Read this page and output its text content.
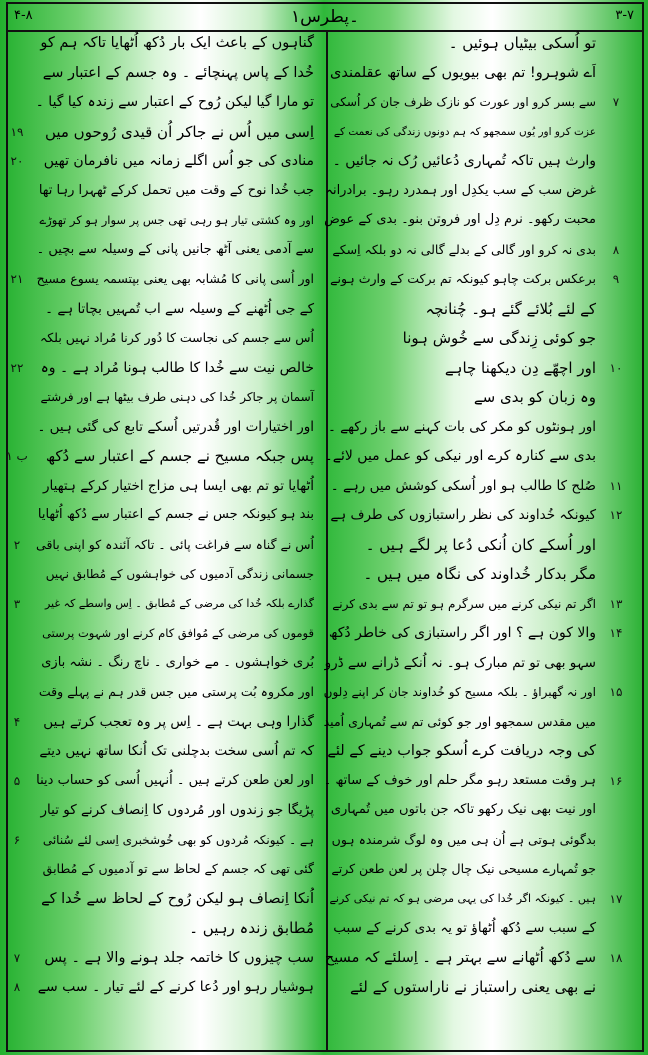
۴-۸	۱۔پطرس	۳-۷
۷
۸
۹
۱۰
۱۱
۱۲
۱۳
۱۴
۱۵
۱۶
۱۷
۱۸
تو اُسکی بیٹیاں ہوئیں ۔
اَے شوہرو! تم بھی بیویوں کے ساتھ عقلمندی
سے بسر کرو اور عورت کو نازک ظرف جان کر اُسکی
عزت کرو اور یُوں سمجھو کہ ہم دونوں زندگی کی نعمت کے
وارث ہیں تاکہ تُمہاری دُعائیں رُک نہ جائیں ۔
غرض سب کے سب یکدِل اور ہمدرد رہو۔ برادرانہ
محبت رکھو۔ نرم دِل اور فروتن بنو۔ بدی کے عوض
بدی نہ کرو اور گالی کے بدلے گالی نہ دو بلکہ اِسکے
برعکس برکت چاہو کیونکہ تم برکت کے وارث ہونے
کے لئے بُلائے گئے ہو۔ چُنانچہ
جو کوئی زِندگی سے خُوش ہونا
اور اچھّے دِن دیکھنا چاہے
وہ زبان کو بدی سے
اور ہونٹوں کو مکر کی بات کہنے سے باز رکھے ۔
بدی سے کنارہ کرے اور نیکی کو عمل میں لائے۔
صُلح کا طالب ہو اور اُسکی کوشش میں رہے ۔
کیونکہ خُداوند کی نظر راستبازوں کی طرف ہے
اور اُسکے کان اُنکی دُعا پر لگے ہیں ۔
مگر بدکار خُداوند کی نگاہ میں ہیں ۔
اگر تم نیکی کرنے میں سرگرم ہو تو تم سے بدی کرنے
والا کون ہے ؟ اور اگر راستبازی کی خاطر دُکھ
سہو بھی تو تم مبارک ہو۔ نہ اُنکے ڈرانے سے ڈرو
اور نہ گھبراؤ ۔ بلکہ مسیح کو خُداوند جان کر اپنے دِلوں
میں مقدس سمجھو اور جو کوئی تم سے تُمہاری اُمید
کی وجہ دریافت کرے اُسکو جواب دینے کے لئے
ہر وقت مستعد رہو مگر حلم اور خوف کے ساتھ ۔
اور نیت بھی نیک رکھو تاکہ جن باتوں میں تُمہاری
بدگوئی ہوتی ہے اُن ہی میں وہ لوگ شرمندہ ہوں
جو تُمہارے مسیحی نیک چال چلن پر لعن طعن کرتے
ہیں ۔ کیونکہ اگر خُدا کی یہی مرضی ہو کہ تم نیکی کرنے
کے سبب سے دُکھ اُٹھاؤ تو یہ بدی کرنے کے سبب
سے دُکھ اُٹھانے سے بہتر ہے ۔ اِسلئے کہ مسیح
نے بھی یعنی راستباز نے ناراستوں کے لئے
گناہوں کے باعث ایک بار دُکھ اُٹھایا تاکہ ہم کو
خُدا کے پاس پہنچائے ۔ وہ جسم کے اعتبار سے
تو مارا گیا لیکن رُوح کے اعتبار سے زندہ کیا گیا ۔
اِسی میں اُس نے جاکر اُن قیدی رُوحوں میں
منادی کی جو اُس اگلے زمانہ میں نافرمان تھیں
جب خُدا نوح کے وقت میں تحمل کرکے ٹھہرا رہا تھا
اور وہ کشتی تیار ہو رہی تھی جس پر سوار ہو کر تھوڑے
سے آدمی یعنی آٹھ جانیں پانی کے وسیلہ سے بچیں ۔
اور اُسی پانی کا مُشابہ بھی یعنی بپتسمہ یسوع مسیح
کے جی اُٹھنے کے وسیلہ سے اب تُمہیں بچاتا ہے ۔
اُس سے جسم کی نجاست کا دُور کرنا مُراد نہیں بلکہ
خالص نیت سے خُدا کا طالب ہونا مُراد ہے ۔ وہ
آسمان پر جاکر خُدا کی دہنی طرف بیٹھا ہے اور فرشتے
اور اختیارات اور قُدرتیں اُسکے تابع کی گئی ہیں ۔
پس جبکہ مسیح نے جسم کے اعتبار سے دُکھ
اُٹھایا تو تم بھی ایسا ہی مزاج اختیار کرکے ہتھیار
بند ہو کیونکہ جس نے جسم کے اعتبار سے دُکھ اُٹھایا
اُس نے گناہ سے فراغت پائی ۔ تاکہ آئندہ کو اپنی باقی
جسمانی زندگی آدمیوں کی خواہشوں کے مُطابق نہیں
گذارے بلکہ خُدا کی مرضی کے مُطابق ۔ اِس واسطے کہ غیر
قوموں کی مرضی کے مُوافق کام کرنے اور شہوت پرستی
بُری خواہشوں ۔ مے خواری ۔ ناچ رنگ ۔ نشہ بازی
اور مکروہ بُت پرستی میں جس قدر ہم نے پہلے وقت
گذارا وہی بہت ہے ۔ اِس پر وہ تعجب کرتے ہیں
کہ تم اُسی سخت بدچلنی تک اُنکا ساتھ نہیں دیتے
اور لعن طعن کرتے ہیں ۔ اُنہیں اُسی کو حساب دینا
پڑیگا جو زندوں اور مُردوں کا اِنصاف کرنے کو تیار
ہے ۔ کیونکہ مُردوں کو بھی خُوشخبری اِسی لئے سُنائی
گئی تھی کہ جسم کے لحاظ سے تو آدمیوں کے مُطابق
اُنکا اِنصاف ہو لیکن رُوح کے لحاظ سے خُدا کے
مُطابق زندہ رہیں ۔
سب چیزوں کا خاتمہ جلد ہونے والا ہے ۔ پس
ہوشیار رہو اور دُعا کرنے کے لئے تیار ۔ سب سے
۱۹
۲۰
۲۱
۲۲
۱ ب
۲
۳
۴
۵
۶
۷
۸
